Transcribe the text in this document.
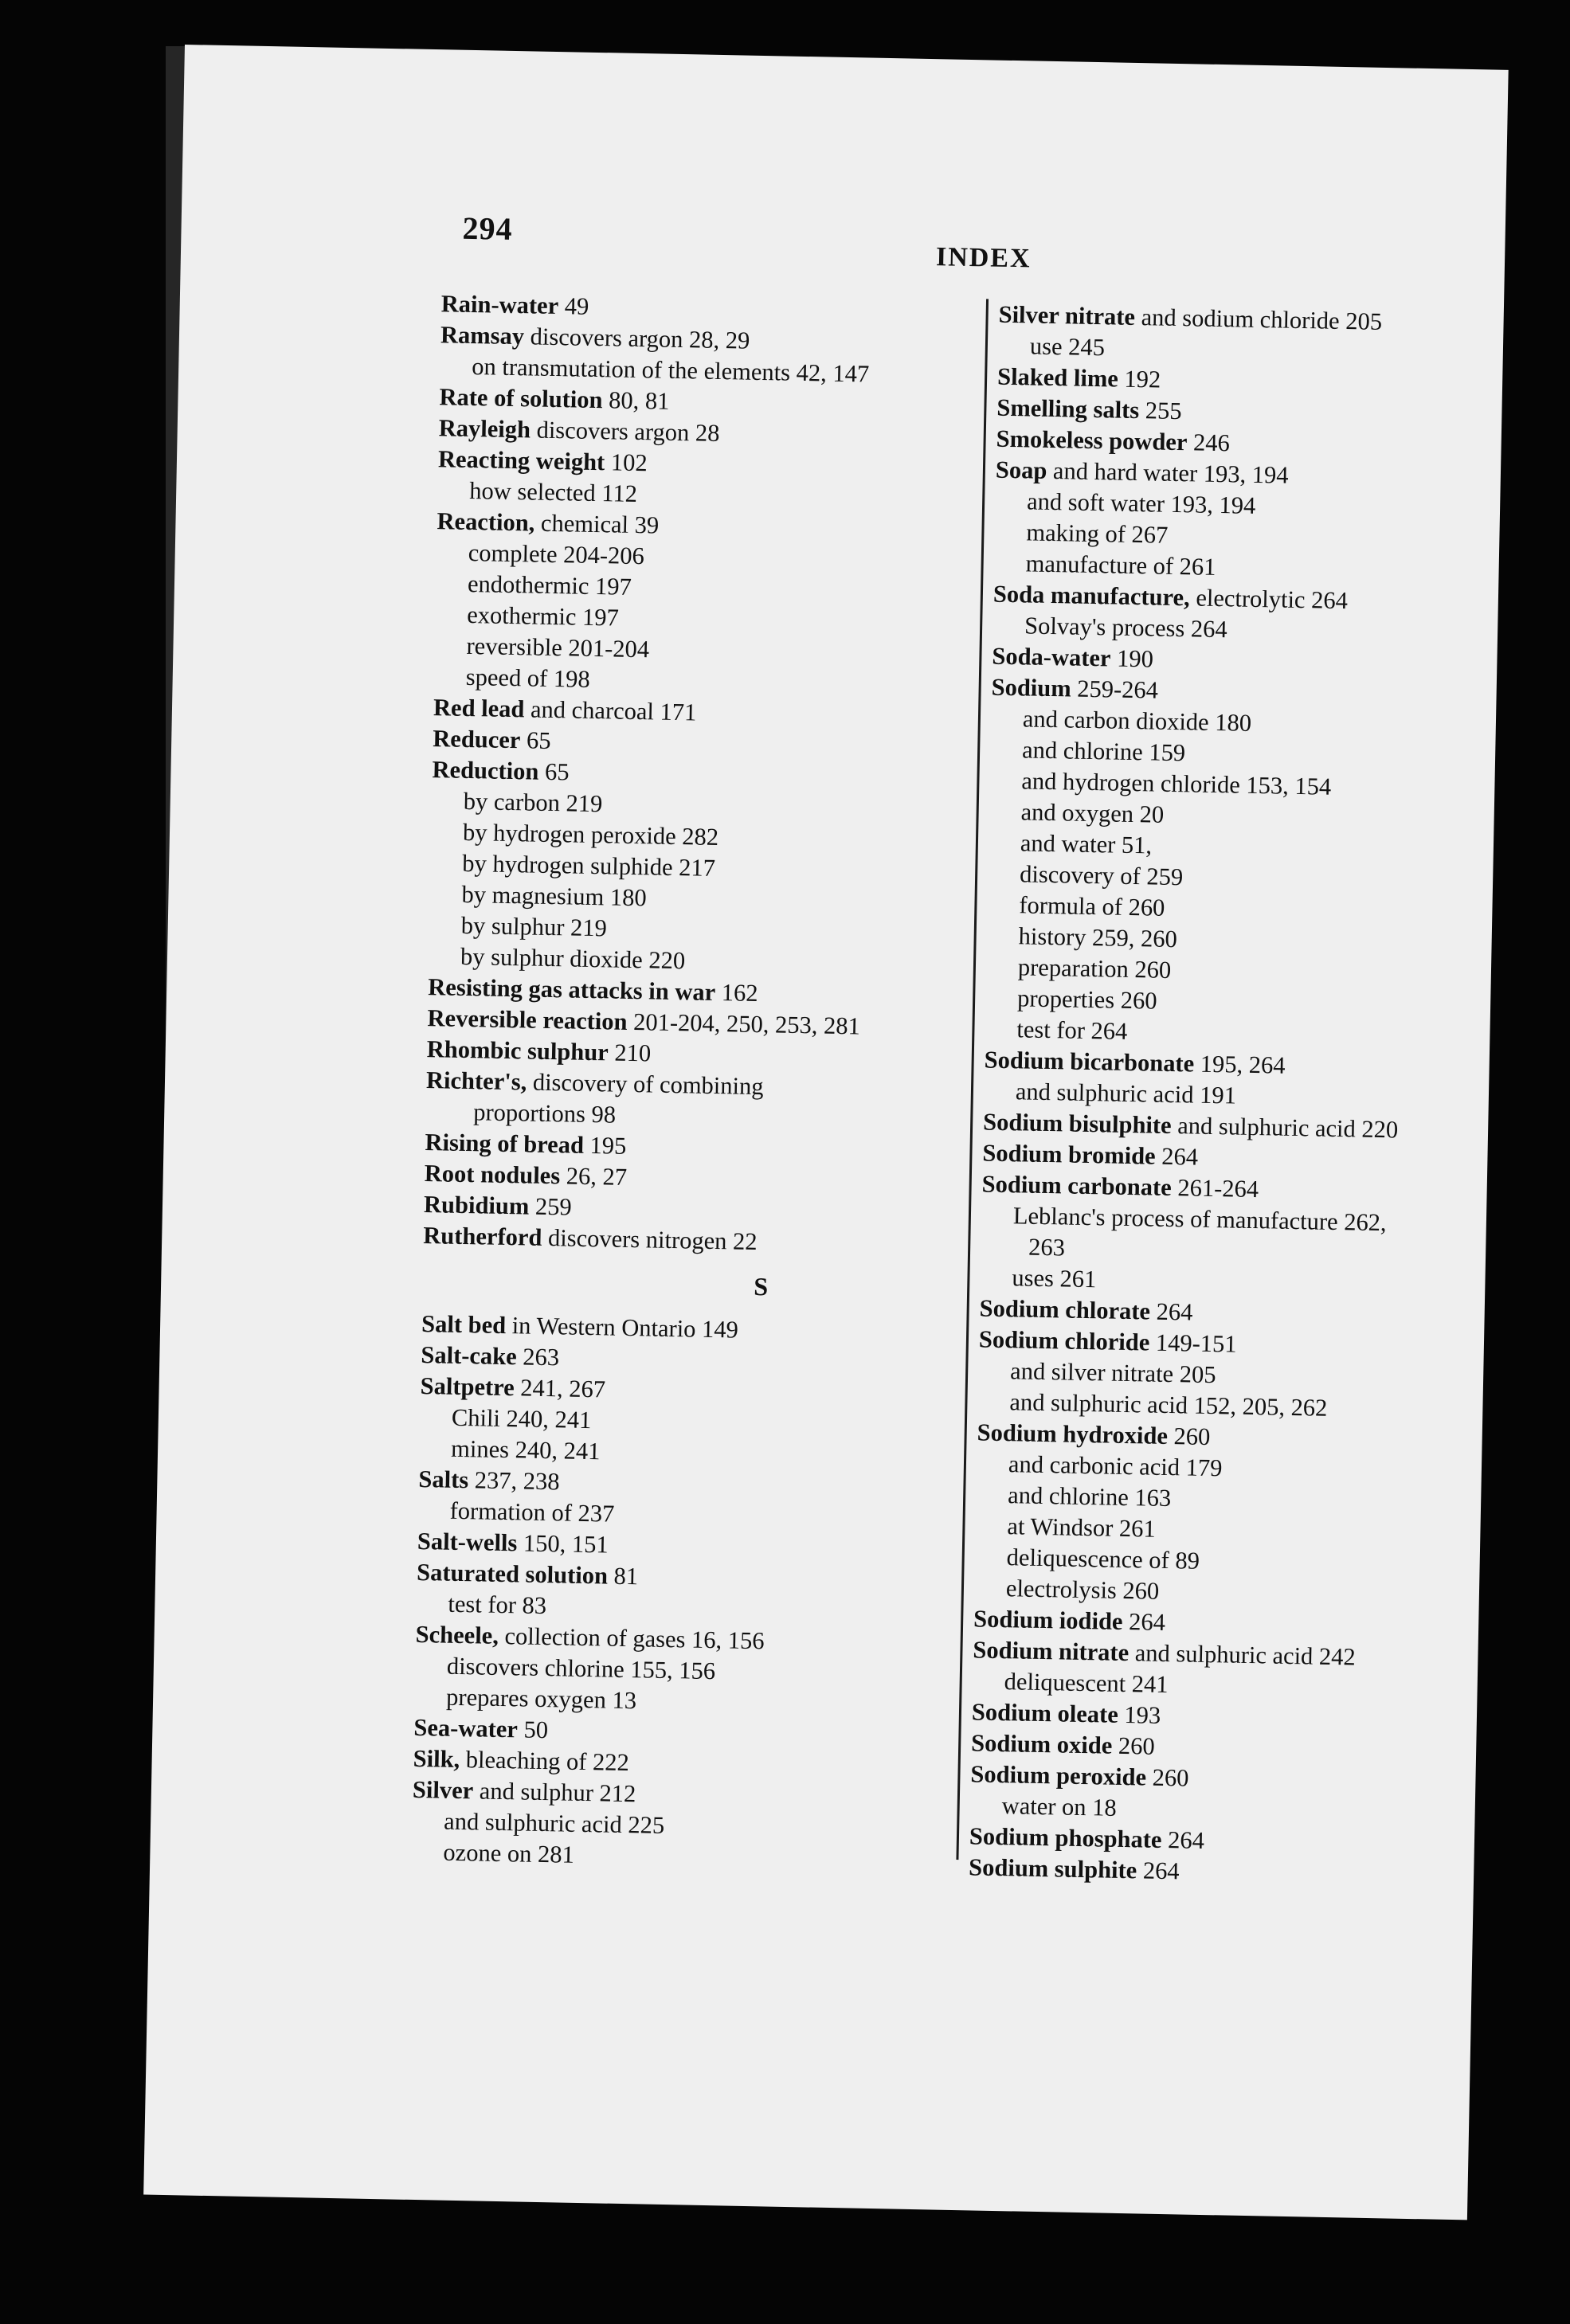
294
INDEX
Rain-water 49
Ramsay discovers argon 28, 29
on transmutation of the elements 42, 147
Rate of solution 80, 81
Rayleigh discovers argon 28
Reacting weight 102
how selected 112
Reaction, chemical 39
complete 204-206
endothermic 197
exothermic 197
reversible 201-204
speed of 198
Red lead and charcoal 171
Reducer 65
Reduction 65
by carbon 219
by hydrogen peroxide 282
by hydrogen sulphide 217
by magnesium 180
by sulphur 219
by sulphur dioxide 220
Resisting gas attacks in war 162
Reversible reaction 201-204, 250, 253, 281
Rhombic sulphur 210
Richter's, discovery of combining
proportions 98
Rising of bread 195
Root nodules 26, 27
Rubidium 259
Rutherford discovers nitrogen 22
S
Salt bed in Western Ontario 149
Salt-cake 263
Saltpetre 241, 267
Chili 240, 241
mines 240, 241
Salts 237, 238
formation of 237
Salt-wells 150, 151
Saturated solution 81
test for 83
Scheele, collection of gases 16, 156
discovers chlorine 155, 156
prepares oxygen 13
Sea-water 50
Silk, bleaching of 222
Silver and sulphur 212
and sulphuric acid 225
ozone on 281
Silver nitrate and sodium chloride 205
use 245
Slaked lime 192
Smelling salts 255
Smokeless powder 246
Soap and hard water 193, 194
and soft water 193, 194
making of 267
manufacture of 261
Soda manufacture, electrolytic 264
Solvay's process 264
Soda-water 190
Sodium 259-264
and carbon dioxide 180
and chlorine 159
and hydrogen chloride 153, 154
and oxygen 20
and water 51,
discovery of 259
formula of 260
history 259, 260
preparation 260
properties 260
test for 264
Sodium bicarbonate 195, 264
and sulphuric acid 191
Sodium bisulphite and sulphuric acid 220
Sodium bromide 264
Sodium carbonate 261-264
Leblanc's process of manufacture 262,
263
uses 261
Sodium chlorate 264
Sodium chloride 149-151
and silver nitrate 205
and sulphuric acid 152, 205, 262
Sodium hydroxide 260
and carbonic acid 179
and chlorine 163
at Windsor 261
deliquescence of 89
electrolysis 260
Sodium iodide 264
Sodium nitrate and sulphuric acid 242
deliquescent 241
Sodium oleate 193
Sodium oxide 260
Sodium peroxide 260
water on 18
Sodium phosphate 264
Sodium sulphite 264
